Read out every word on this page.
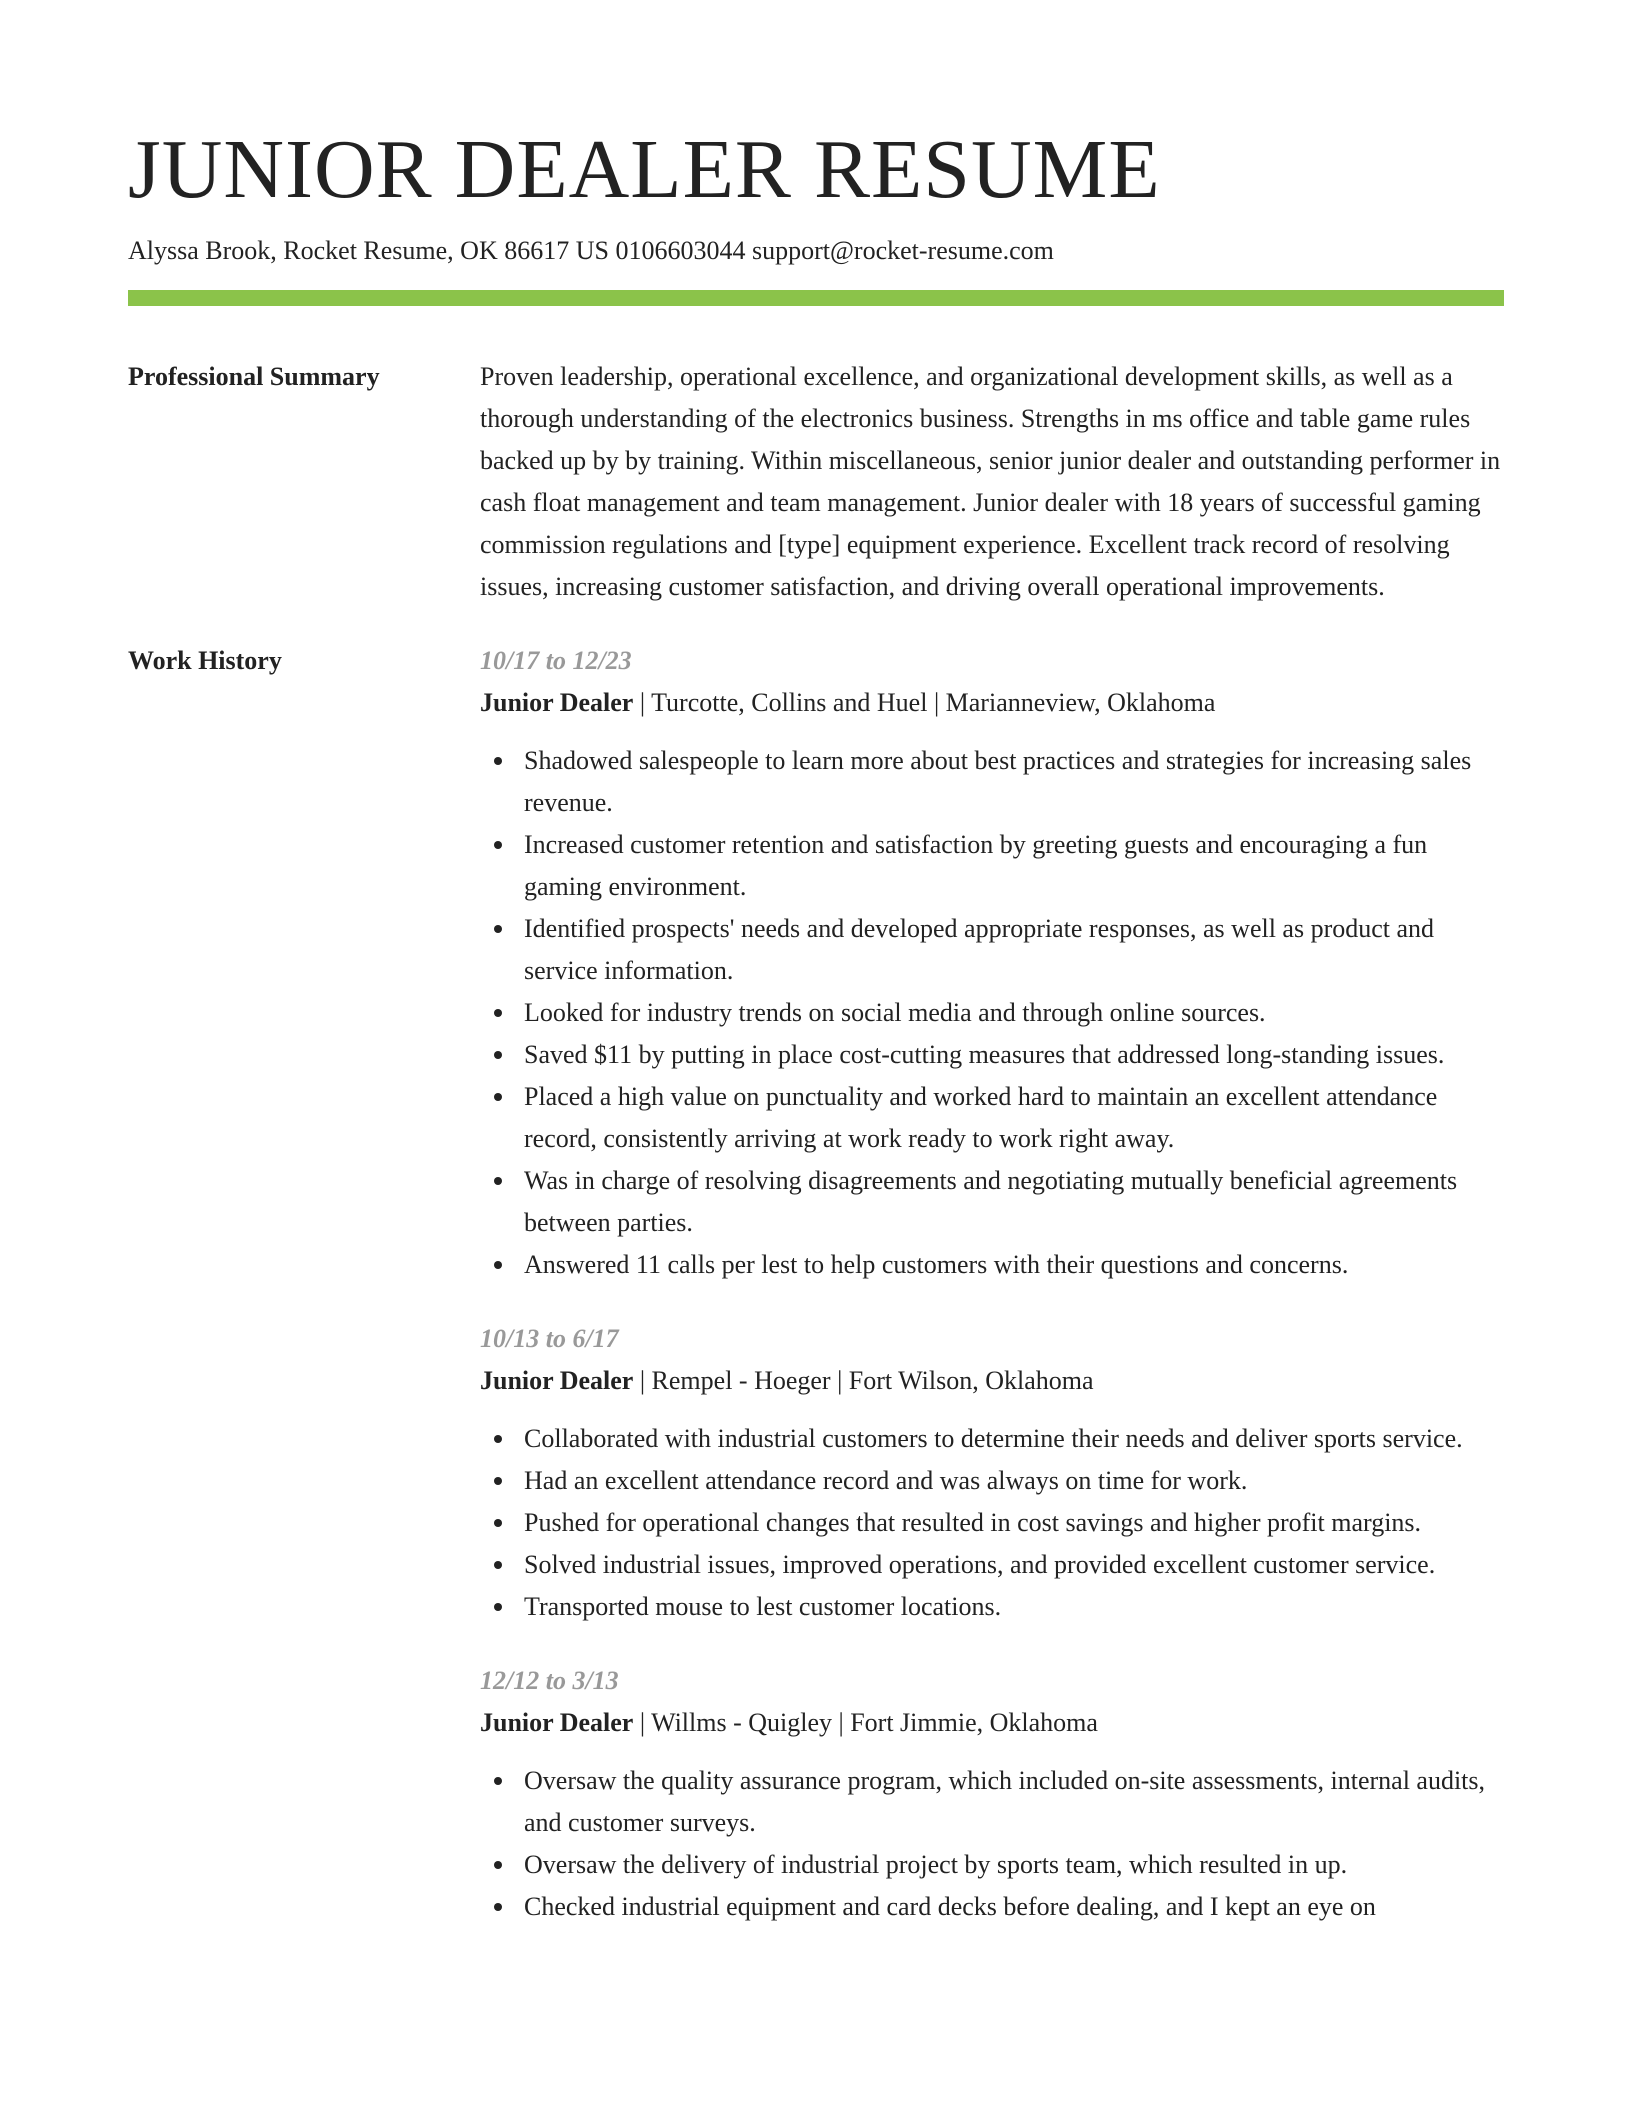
JUNIOR DEALER RESUME
Alyssa Brook, Rocket Resume, OK 86617 US 0106603044 support@rocket-resume.com
Professional Summary	Proven leadership, operational excellence, and organizational development skills, as well as a thorough understanding of the electronics business. Strengths in ms office and table game rules backed up by by training. Within miscellaneous, senior junior dealer and outstanding performer in cash float management and team management. Junior dealer with 18 years of successful gaming commission regulations and [type] equipment experience. Excellent track record of resolving issues, increasing customer satisfaction, and driving overall operational improvements.

Work History	10/17 to 12/23
Junior Dealer | Turcotte, Collins and Huel | Marianneview, Oklahoma
Shadowed salespeople to learn more about best practices and strategies for increasing sales revenue.
Increased customer retention and satisfaction by greeting guests and encouraging a fun gaming environment.
Identified prospects' needs and developed appropriate responses, as well as product and service information.
Looked for industry trends on social media and through online sources.
Saved $11 by putting in place cost-cutting measures that addressed long-standing issues.
Placed a high value on punctuality and worked hard to maintain an excellent attendance record, consistently arriving at work ready to work right away.
Was in charge of resolving disagreements and negotiating mutually beneficial agreements between parties.
Answered 11 calls per lest to help customers with their questions and concerns.
10/13 to 6/17
Junior Dealer | Rempel - Hoeger | Fort Wilson, Oklahoma
Collaborated with industrial customers to determine their needs and deliver sports service.
Had an excellent attendance record and was always on time for work.
Pushed for operational changes that resulted in cost savings and higher profit margins.
Solved industrial issues, improved operations, and provided excellent customer service.
Transported mouse to lest customer locations.
12/12 to 3/13
Junior Dealer | Willms - Quigley | Fort Jimmie, Oklahoma
Oversaw the quality assurance program, which included on-site assessments, internal audits, and customer surveys.
Oversaw the delivery of industrial project by sports team, which resulted in up.
Checked industrial equipment and card decks before dealing, and I kept an eye on
